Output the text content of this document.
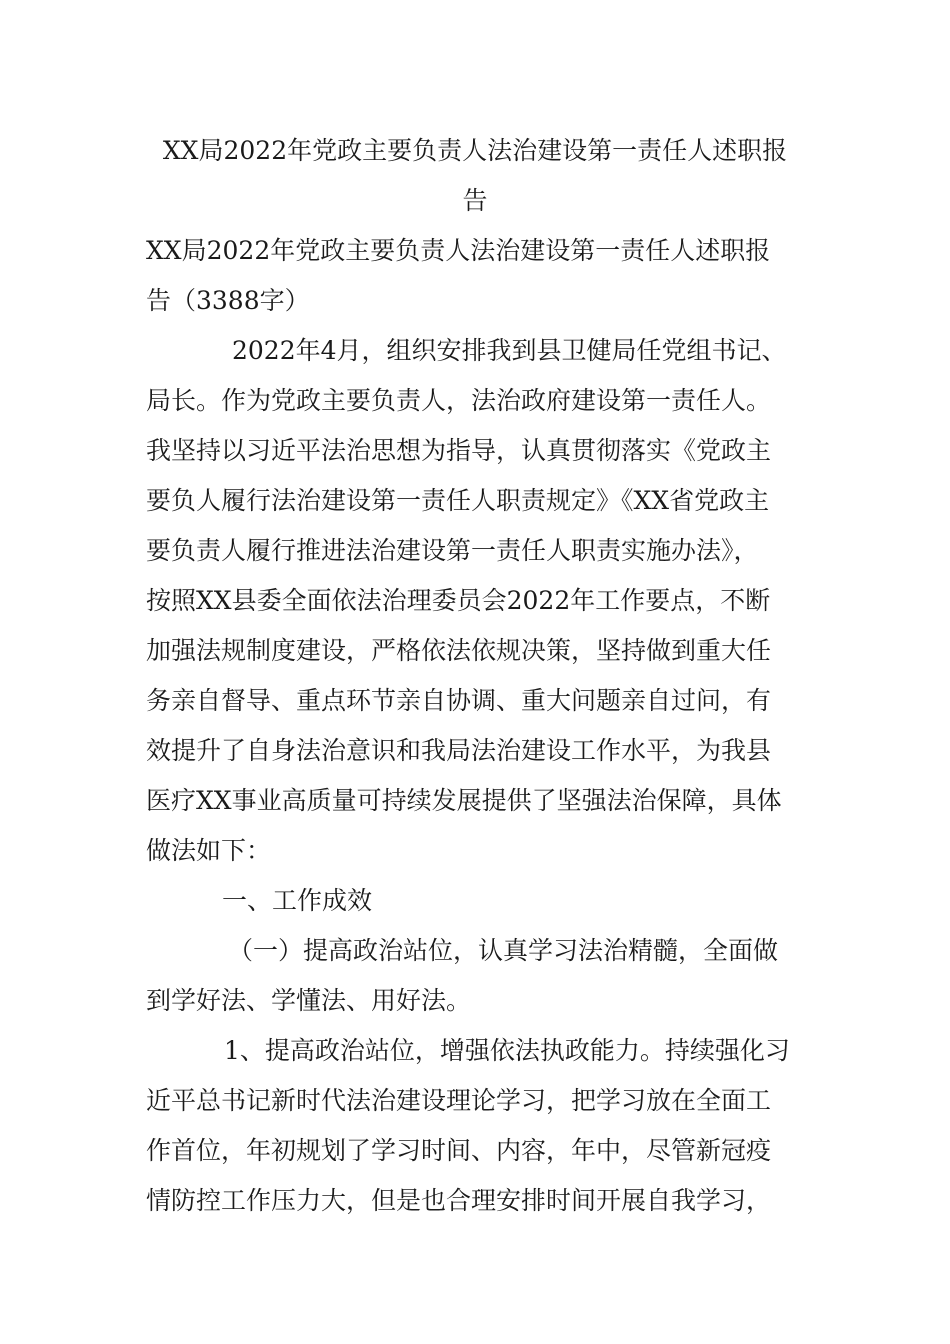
XX局2022年党政主要负责人法治建设第一责任人述职报
告
XX局2022年党政主要负责人法治建设第一责任人述职报
告（3388字）
2022年4月，组织安排我到县卫健局任党组书记、
局长。作为党政主要负责人，法治政府建设第一责任人。
我坚持以习近平法治思想为指导，认真贯彻落实《党政主
要负人履行法治建设第一责任人职责规定》《XX省党政主
要负责人履行推进法治建设第一责任人职责实施办法》，
按照XX县委全面依法治理委员会2022年工作要点，不断
加强法规制度建设，严格依法依规决策，坚持做到重大任
务亲自督导、重点环节亲自协调、重大问题亲自过问，有
效提升了自身法治意识和我局法治建设工作水平，为我县
医疗XX事业高质量可持续发展提供了坚强法治保障，具体
做法如下：
一、工作成效
（一）提高政治站位，认真学习法治精髓，全面做
到学好法、学懂法、用好法。
1、提高政治站位，增强依法执政能力。持续强化习
近平总书记新时代法治建设理论学习，把学习放在全面工
作首位，年初规划了学习时间、内容，年中，尽管新冠疫
情防控工作压力大，但是也合理安排时间开展自我学习，
